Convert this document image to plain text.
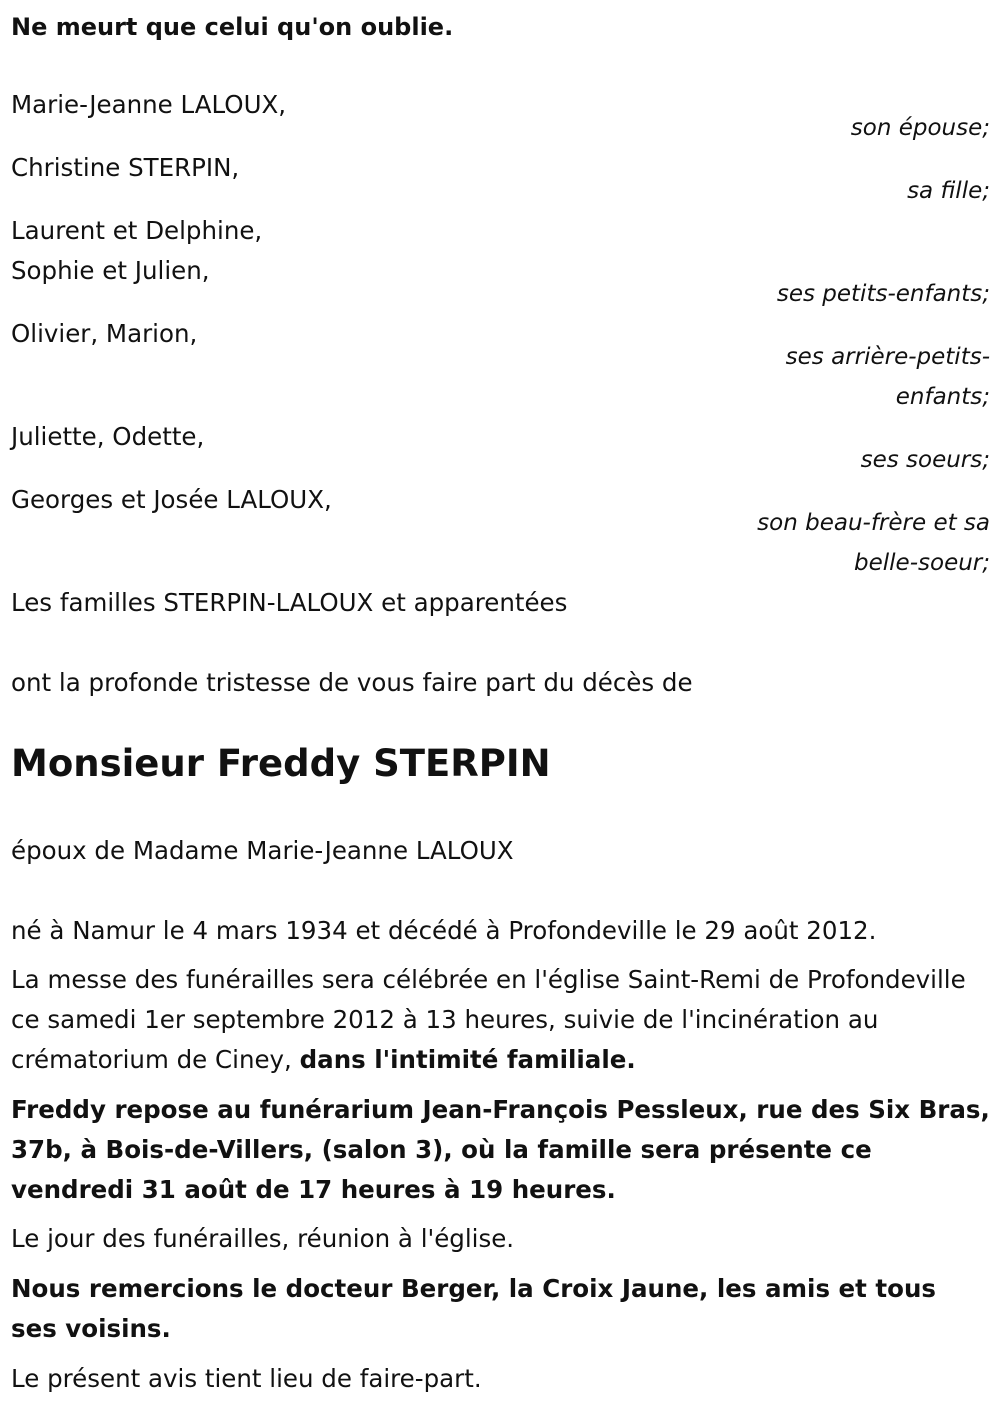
Ne meurt que celui qu'on oublie.
Marie-Jeanne LALOUX,
son épouse;
Christine STERPIN,
sa fille;
Laurent et Delphine,
Sophie et Julien,
ses petits-enfants;
Olivier, Marion,
ses arrière-petits-
enfants;
Juliette, Odette,
ses soeurs;
Georges et Josée LALOUX,
son beau-frère et sa
belle-soeur;
Les familles STERPIN-LALOUX et apparentées
ont la profonde tristesse de vous faire part du décès de
Monsieur Freddy STERPIN
époux de Madame Marie-Jeanne LALOUX
né à Namur le 4 mars 1934 et décédé à Profondeville le 29 août 2012.
La messe des funérailles sera célébrée en l'église Saint-Remi de Profondeville ce samedi 1er septembre 2012 à 13 heures, suivie de l'incinération au crématorium de Ciney, dans l'intimité familiale.
Freddy repose au funérarium Jean-François Pessleux, rue des Six Bras, 37b, à Bois-de-Villers, (salon 3), où la famille sera présente ce vendredi 31 août de 17 heures à 19 heures.
Le jour des funérailles, réunion à l'église.
Nous remercions le docteur Berger, la Croix Jaune, les amis et tous ses voisins.
Le présent avis tient lieu de faire-part.
